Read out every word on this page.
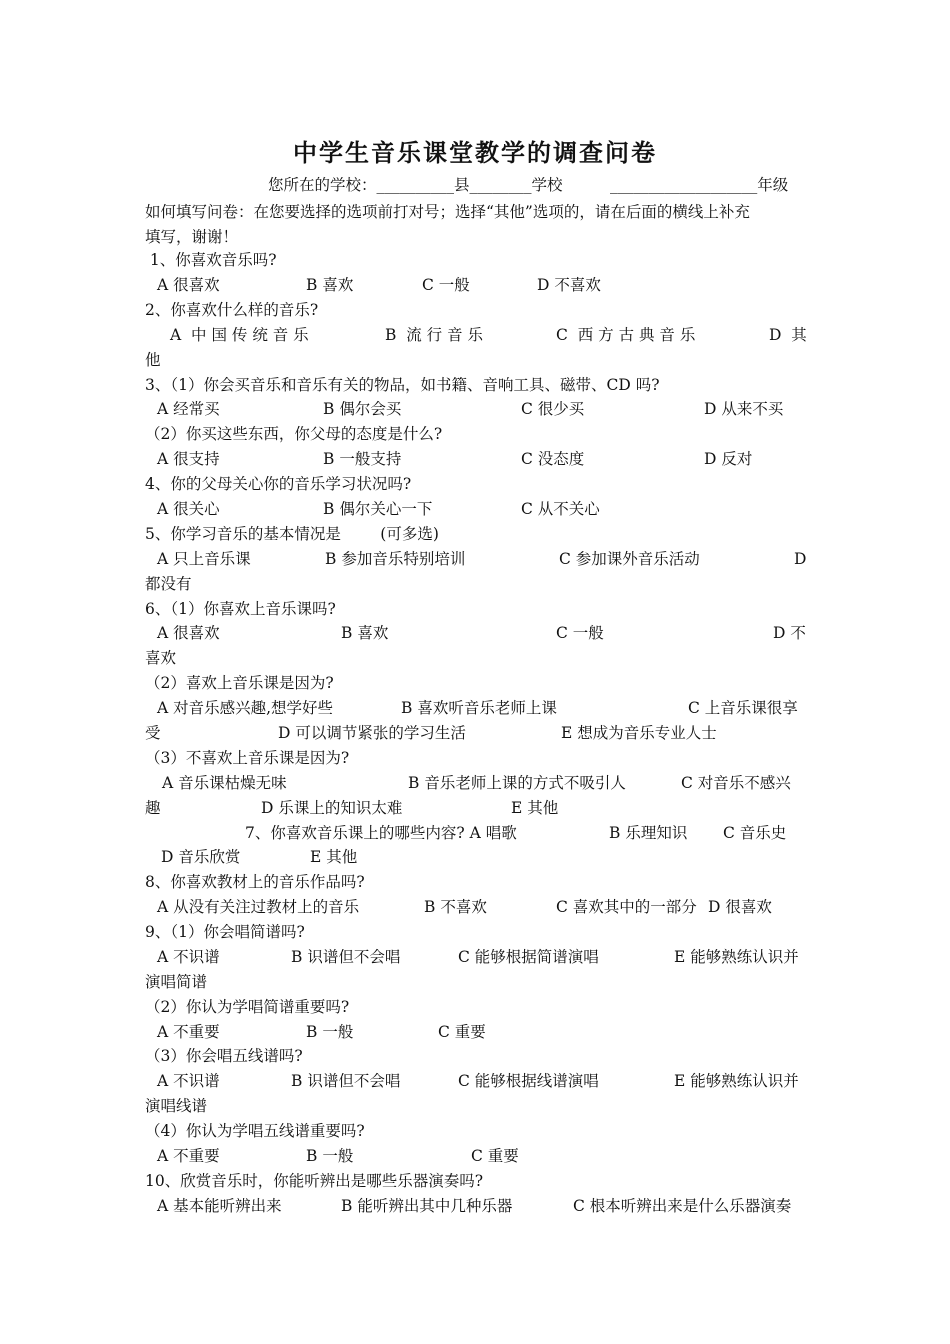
中学生音乐课堂教学的调查问卷

您所在的学校：__________县________学校

	___________________年级

如何填写问卷：在您要选择的选项前打对号；选择“其他”选项的，请在后面的横线上补充

填写，谢谢！

1、你喜欢音乐吗?

A 很喜欢

	B 喜欢

	C 一般

	D 不喜欢

2、你喜欢什么样的音乐?

A  中 国 传 统 音 乐

	B  流 行 音 乐

	C  西 方 古 典 音 乐

	D  其

他

3、（1）你会买音乐和音乐有关的物品，如书籍、音响工具、磁带、CD 吗?

A 经常买

	B 偶尔会买

	C 很少买

	D 从来不买

（2）你买这些东西，你父母的态度是什么?

A 很支持

	B 一般支持

	C 没态度

	D 反对

4、你的父母关心你的音乐学习状况吗?

A 很关心

	B 偶尔关心一下

	C 从不关心

5、你学习音乐的基本情况是        (可多选)

A 只上音乐课

	B 参加音乐特别培训

	C 参加课外音乐活动

	D

都没有

6、（1）你喜欢上音乐课吗?

A 很喜欢

	B 喜欢

	C 一般

	D 不

喜欢

（2）喜欢上音乐课是因为?

A 对音乐感兴趣,想学好些

	B 喜欢听音乐老师上课

	C 上音乐课很享

受

	D 可以调节紧张的学习生活

	E 想成为音乐专业人士

（3）不喜欢上音乐课是因为?

A 音乐课枯燥无味

	B 音乐老师上课的方式不吸引人

	C 对音乐不感兴

趣

	D 乐课上的知识太难

	E 其他

7、你喜欢音乐课上的哪些内容? A 唱歌

	B 乐理知识

C 音乐史

D 音乐欣赏

	E 其他

8、你喜欢教材上的音乐作品吗?

A 从没有关注过教材上的音乐

	B 不喜欢

	C 喜欢其中的一部分

D 很喜欢

9、（1）你会唱简谱吗?

A 不识谱

	B 识谱但不会唱

	C 能够根据简谱演唱

	E 能够熟练认识并

演唱简谱

（2）你认为学唱简谱重要吗?

A 不重要

	B 一般

	C 重要

（3）你会唱五线谱吗?

A 不识谱

	B 识谱但不会唱

	C 能够根据线谱演唱

	E 能够熟练认识并

演唱线谱

（4）你认为学唱五线谱重要吗?

A 不重要

	B 一般

	C 重要

10、欣赏音乐时，你能听辨出是哪些乐器演奏吗?

A 基本能听辨出来

	B 能听辨出其中几种乐器

	C 根本听辨出来是什么乐器演奏
